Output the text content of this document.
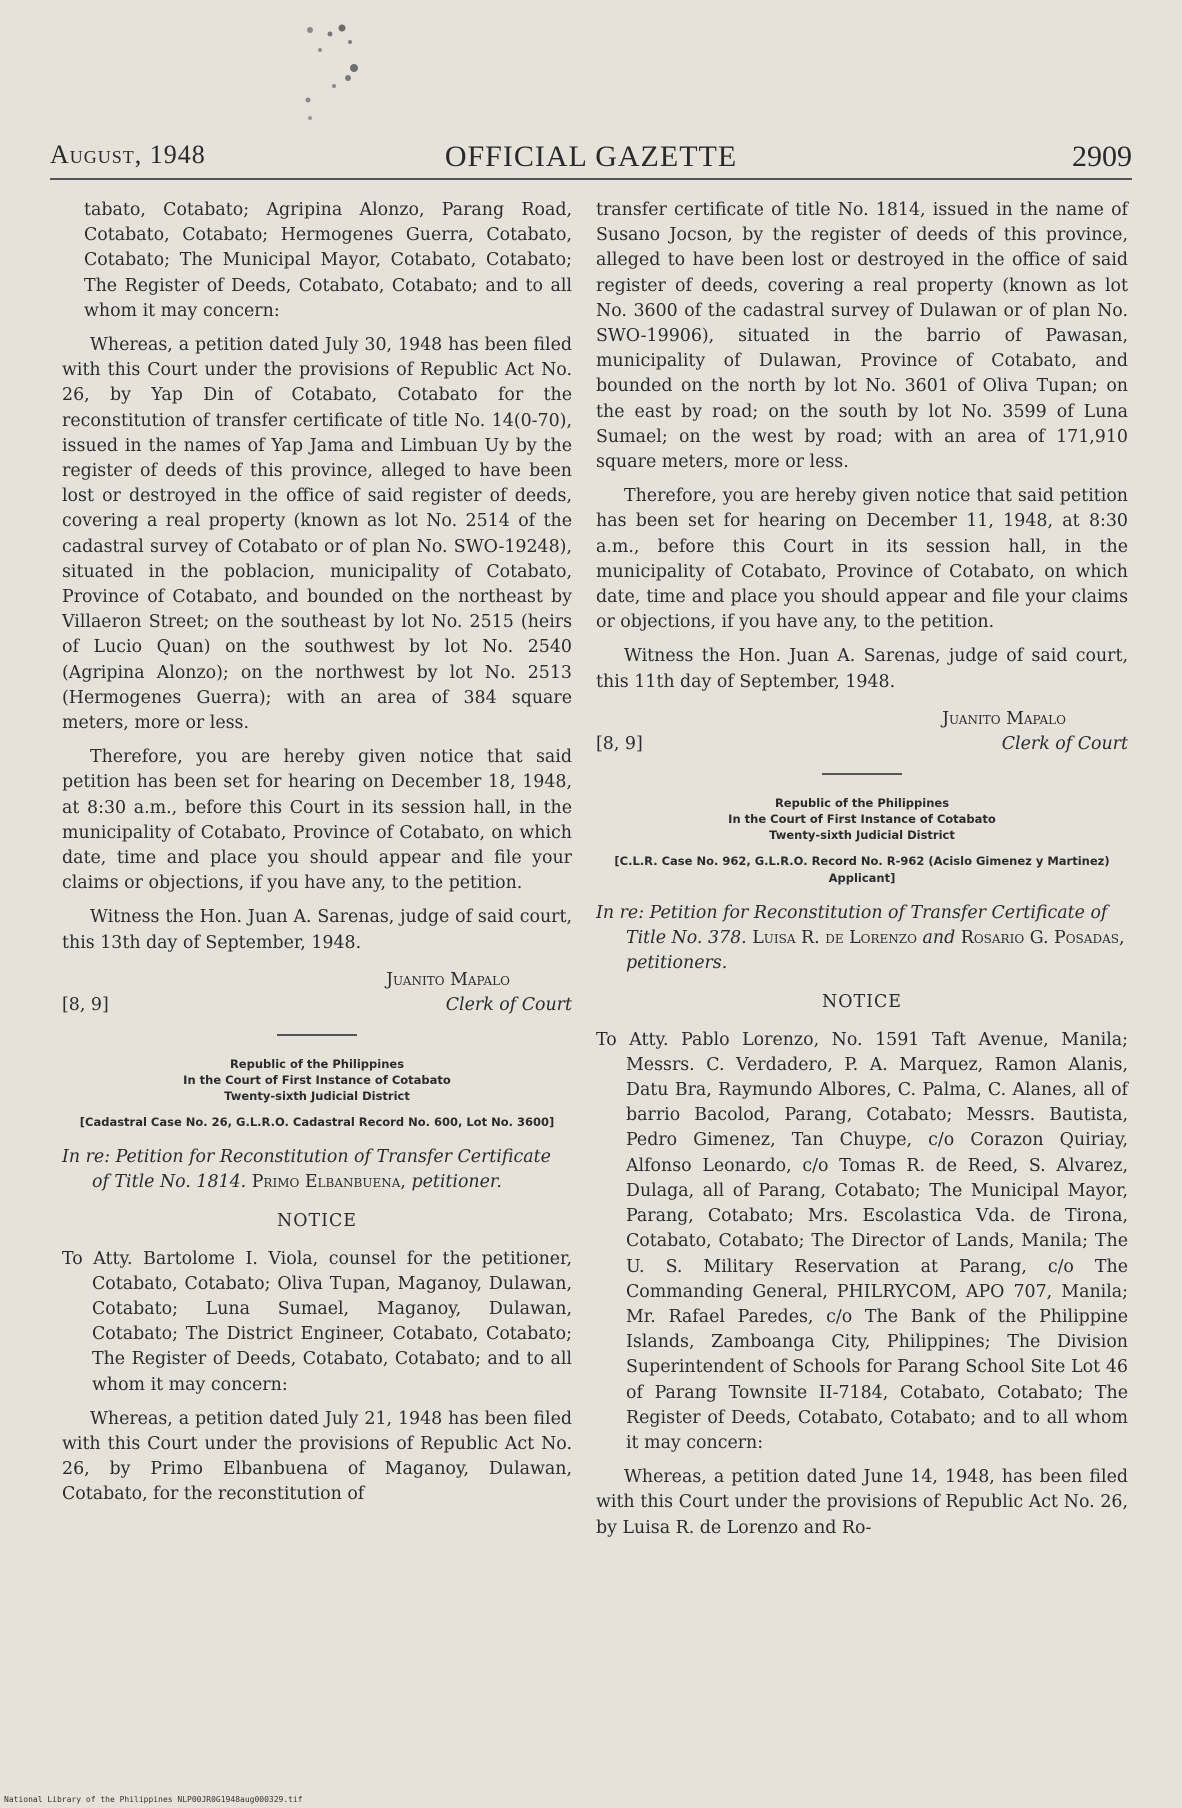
August, 1948	OFFICIAL GAZETTE	2909

tabato, Cotabato; Agripina Alonzo, Parang Road, Cotabato, Cotabato; Hermogenes Guerra, Cotabato, Cotabato; The Municipal Mayor, Cotabato, Cotabato; The Register of Deeds, Cotabato, Cotabato; and to all whom it may concern:

Whereas, a petition dated July 30, 1948 has been filed with this Court under the provisions of Republic Act No. 26, by Yap Din of Cotabato, Cotabato for the reconstitution of transfer certificate of title No. 14(0-70), issued in the names of Yap Jama and Limbuan Uy by the register of deeds of this province, alleged to have been lost or destroyed in the office of said register of deeds, covering a real property (known as lot No. 2514 of the cadastral survey of Cotabato or of plan No. SWO-19248), situated in the poblacion, municipality of Cotabato, Province of Cotabato, and bounded on the northeast by Villaeron Street; on the southeast by lot No. 2515 (heirs of Lucio Quan) on the southwest by lot No. 2540 (Agripina Alonzo); on the northwest by lot No. 2513 (Hermogenes Guerra); with an area of 384 square meters, more or less.

Therefore, you are hereby given notice that said petition has been set for hearing on December 18, 1948, at 8:30 a.m., before this Court in its session hall, in the municipality of Cotabato, Province of Cotabato, on which date, time and place you should appear and file your claims or objections, if you have any, to the petition.

Witness the Hon. Juan A. Sarenas, judge of said court, this 13th day of September, 1948.

Juanito Mapalo
Clerk of Court
[8, 9]
Republic of the Philippines
In the Court of First Instance of Cotabato
Twenty-sixth Judicial District
[Cadastral Case No. 26, G.L.R.O. Cadastral Record No. 600, Lot No. 3600]

In re: Petition for Reconstitution of Transfer Certificate of Title No. 1814. Primo Elbanbuena, petitioner.

NOTICE

To Atty. Bartolome I. Viola, counsel for the petitioner, Cotabato, Cotabato; Oliva Tupan, Maganoy, Dulawan, Cotabato; Luna Sumael, Maganoy, Dulawan, Cotabato; The District Engineer, Cotabato, Cotabato; The Register of Deeds, Cotabato, Cotabato; and to all whom it may concern:

Whereas, a petition dated July 21, 1948 has been filed with this Court under the provisions of Republic Act No. 26, by Primo Elbanbuena of Maganoy, Dulawan, Cotabato, for the reconstitution of

transfer certificate of title No. 1814, issued in the name of Susano Jocson, by the register of deeds of this province, alleged to have been lost or destroyed in the office of said register of deeds, covering a real property (known as lot No. 3600 of the cadastral survey of Dulawan or of plan No. SWO-19906), situated in the barrio of Pawasan, municipality of Dulawan, Province of Cotabato, and bounded on the north by lot No. 3601 of Oliva Tupan; on the east by road; on the south by lot No. 3599 of Luna Sumael; on the west by road; with an area of 171,910 square meters, more or less.

Therefore, you are hereby given notice that said petition has been set for hearing on December 11, 1948, at 8:30 a.m., before this Court in its session hall, in the municipality of Cotabato, Province of Cotabato, on which date, time and place you should appear and file your claims or objections, if you have any, to the petition.

Witness the Hon. Juan A. Sarenas, judge of said court, this 11th day of September, 1948.

Juanito Mapalo
Clerk of Court
[8, 9]
Republic of the Philippines
In the Court of First Instance of Cotabato
Twenty-sixth Judicial District
[C.L.R. Case No. 962, G.L.R.O. Record No. R-962 (Acislo Gimenez y Martinez) Applicant]

In re: Petition for Reconstitution of Transfer Certificate of Title No. 378. Luisa R. de Lorenzo and Rosario G. Posadas, petitioners.

NOTICE

To Atty. Pablo Lorenzo, No. 1591 Taft Avenue, Manila; Messrs. C. Verdadero, P. A. Marquez, Ramon Alanis, Datu Bra, Raymundo Albores, C. Palma, C. Alanes, all of barrio Bacolod, Parang, Cotabato; Messrs. Bautista, Pedro Gimenez, Tan Chuype, c/o Corazon Quiriay, Alfonso Leonardo, c/o Tomas R. de Reed, S. Alvarez, Dulaga, all of Parang, Cotabato; The Municipal Mayor, Parang, Cotabato; Mrs. Escolastica Vda. de Tirona, Cotabato, Cotabato; The Director of Lands, Manila; The U. S. Military Reservation at Parang, c/o The Commanding General, PHILRYCOM, APO 707, Manila; Mr. Rafael Paredes, c/o The Bank of the Philippine Islands, Zamboanga City, Philippines; The Division Superintendent of Schools for Parang School Site Lot 46 of Parang Townsite II-7184, Cotabato, Cotabato; The Register of Deeds, Cotabato, Cotabato; and to all whom it may concern:

Whereas, a petition dated June 14, 1948, has been filed with this Court under the provisions of Republic Act No. 26, by Luisa R. de Lorenzo and Ro-

National Library of the Philippines NLP00JR0G1948aug000329.tif
